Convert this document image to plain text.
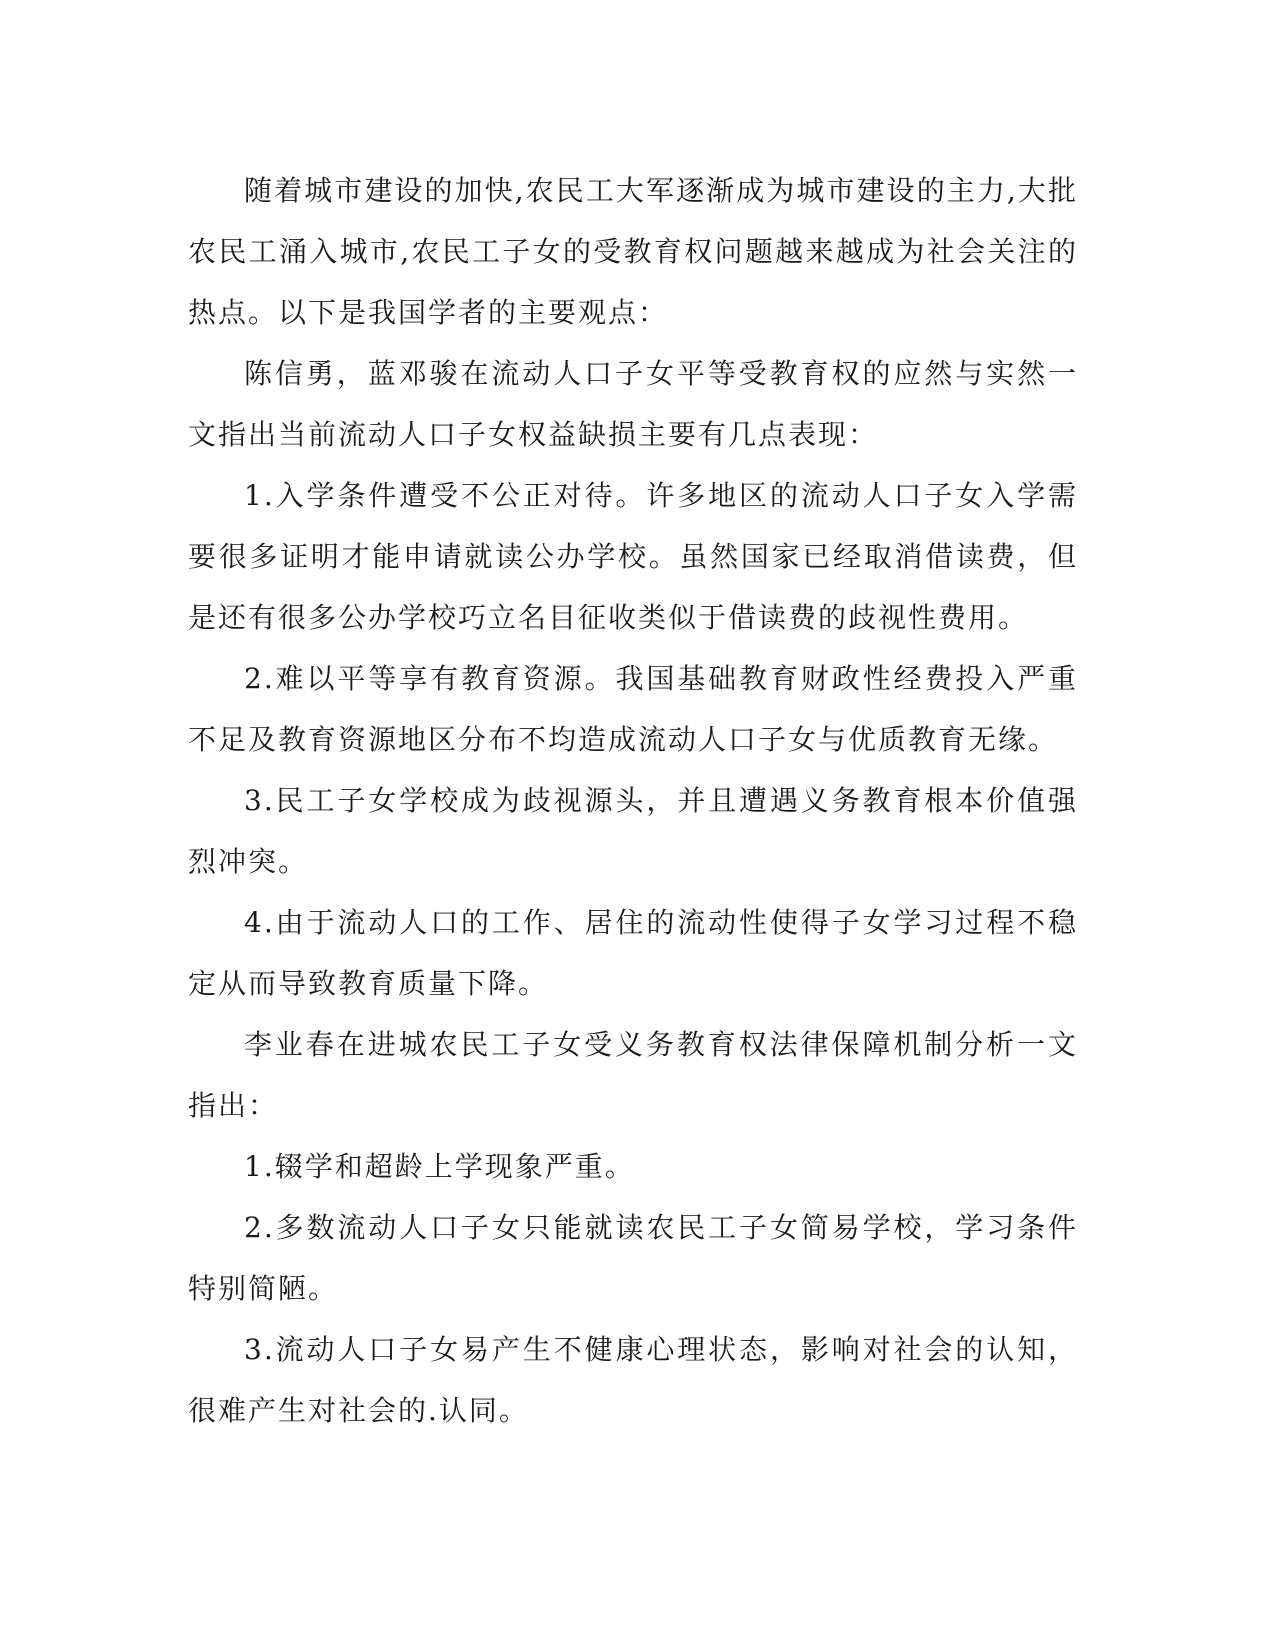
随着城市建设的加快,农民工大军逐渐成为城市建设的主力,大批农民工涌入城市,农民工子女的受教育权问题越来越成为社会关注的热点。以下是我国学者的主要观点：

陈信勇，蓝邓骏在流动人口子女平等受教育权的应然与实然一文指出当前流动人口子女权益缺损主要有几点表现：

1.入学条件遭受不公正对待。许多地区的流动人口子女入学需要很多证明才能申请就读公办学校。虽然国家已经取消借读费，但是还有很多公办学校巧立名目征收类似于借读费的歧视性费用。

2.难以平等享有教育资源。我国基础教育财政性经费投入严重不足及教育资源地区分布不均造成流动人口子女与优质教育无缘。

3.民工子女学校成为歧视源头，并且遭遇义务教育根本价值强烈冲突。

4.由于流动人口的工作、居住的流动性使得子女学习过程不稳定从而导致教育质量下降。

李业春在进城农民工子女受义务教育权法律保障机制分析一文指出：

1.辍学和超龄上学现象严重。

2.多数流动人口子女只能就读农民工子女简易学校，学习条件特别简陋。

3.流动人口子女易产生不健康心理状态，影响对社会的认知，很难产生对社会的.认同。
